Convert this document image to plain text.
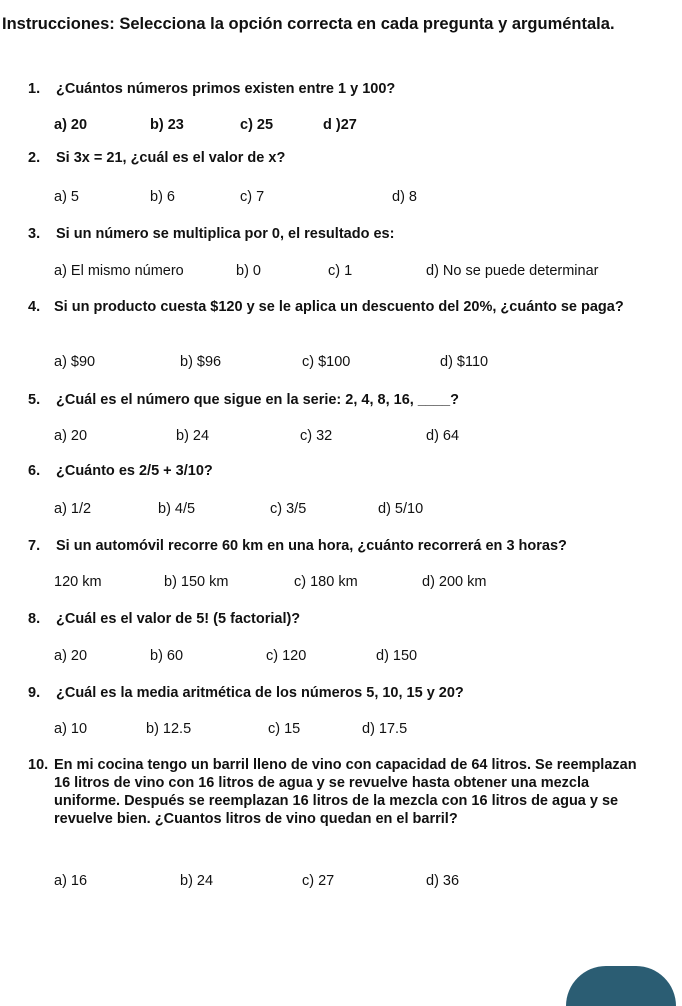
Instrucciones: Selecciona la opción correcta en cada pregunta y arguméntala.
1. ¿Cuántos números primos existen entre 1 y 100?
a) 20	b) 23	c) 25	d )27
2. Si 3x = 21, ¿cuál es el valor de x?
a) 5	b) 6	c) 7	d) 8
3. Si un número se multiplica por 0, el resultado es:
a) El mismo número	b) 0	c) 1	d) No se puede determinar
4. Si un producto cuesta $120 y se le aplica un descuento del 20%, ¿cuánto se paga?
a) $90	b) $96	c) $100	d) $110
5. ¿Cuál es el número que sigue en la serie: 2, 4, 8, 16, ____?
a) 20	b) 24	c) 32	d) 64
6. ¿Cuánto es 2/5 + 3/10?
a) 1/2	b) 4/5	c) 3/5	d) 5/10
7. Si un automóvil recorre 60 km en una hora, ¿cuánto recorrerá en 3 horas?
120 km	b) 150 km	c) 180 km	d) 200 km
8. ¿Cuál es el valor de 5! (5 factorial)?
a) 20	b) 60	c) 120	d) 150
9. ¿Cuál es la media aritmética de los números 5, 10, 15 y 20?
a) 10	b) 12.5	c) 15	d) 17.5
10. En mi cocina tengo un barril lleno de vino con capacidad de 64 litros. Se reemplazan 16 litros de vino con 16 litros de agua y se revuelve hasta obtener una mezcla uniforme. Después se reemplazan 16 litros de la mezcla con 16 litros de agua y se revuelve bien. ¿Cuantos litros de vino quedan en el barril?
a) 16	b) 24	c) 27	d) 36
